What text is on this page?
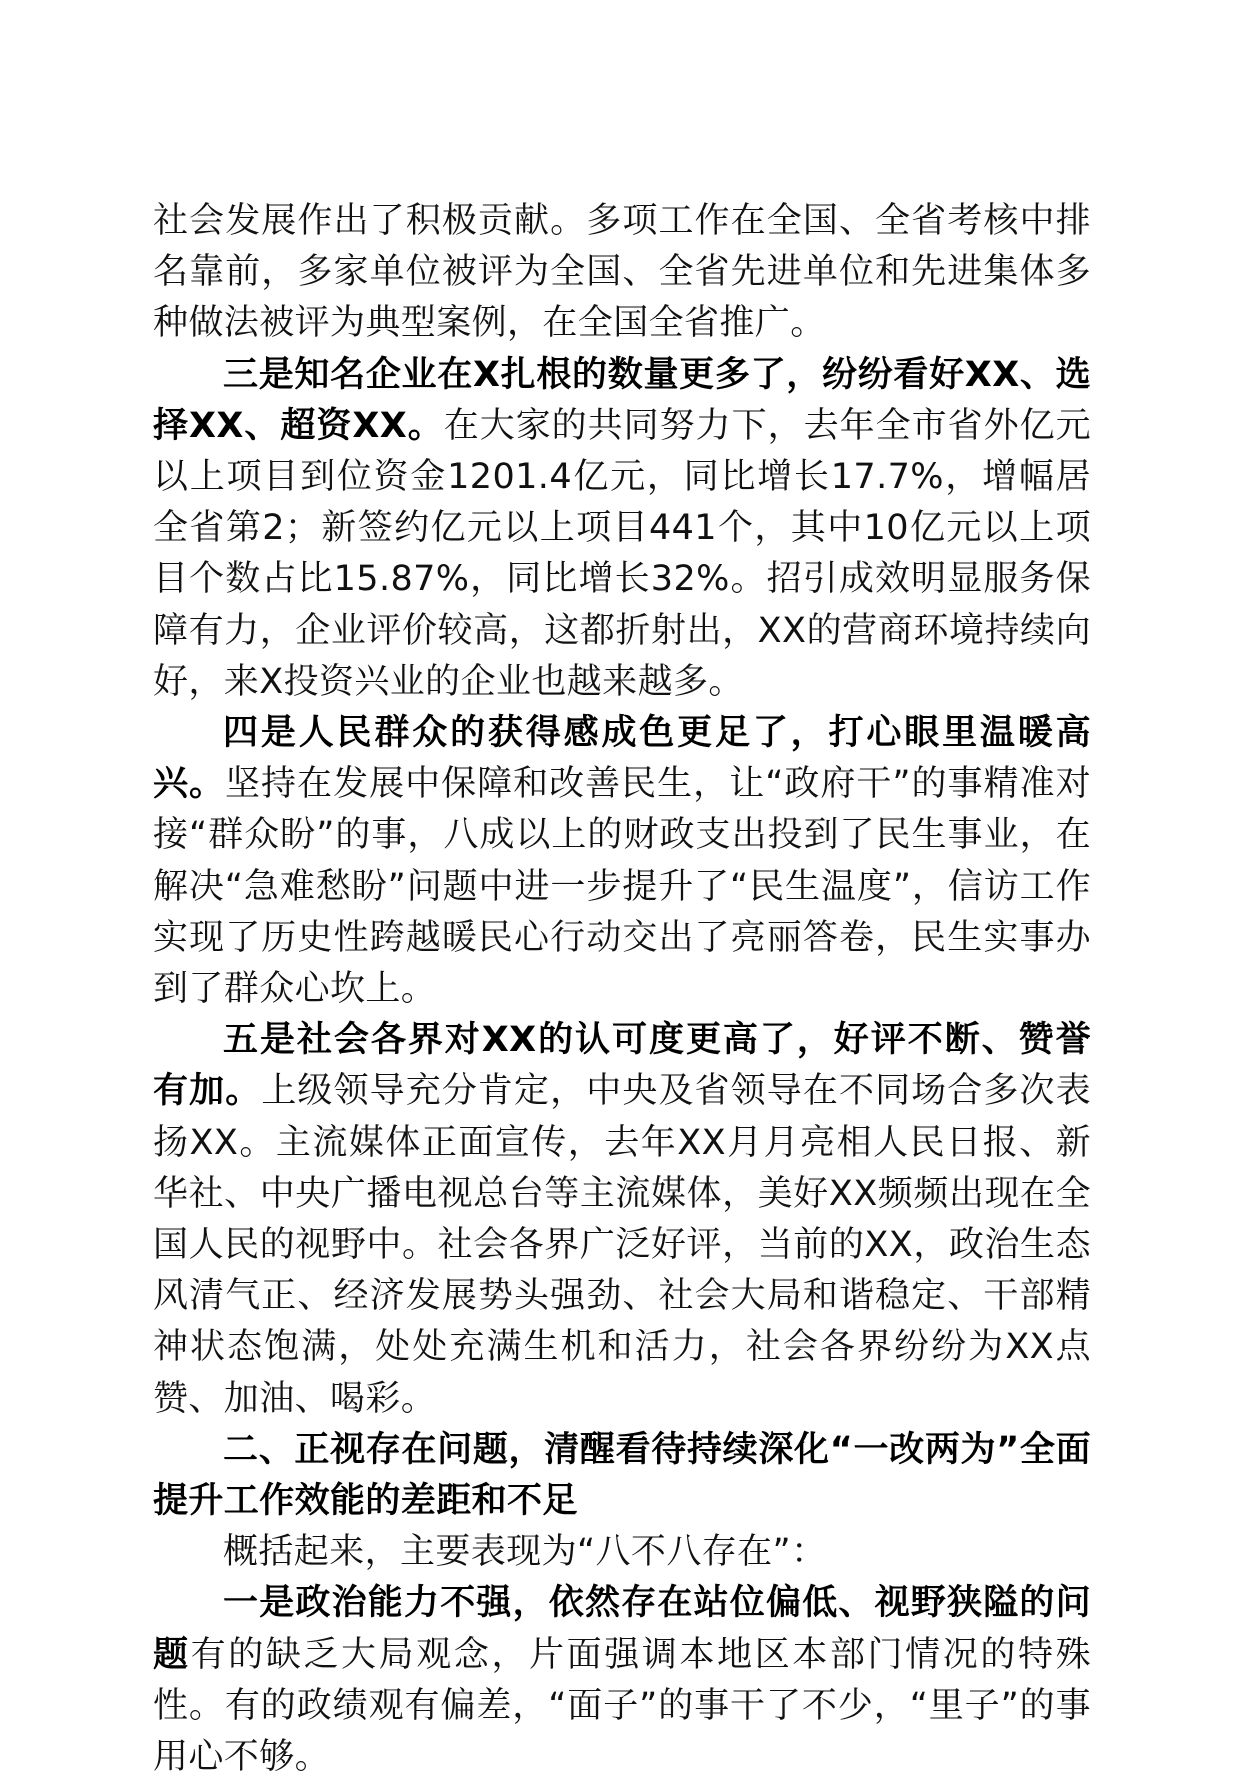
社会发展作出了积极贡献。多项工作在全国、全省考核中排名靠前，多家单位被评为全国、全省先进单位和先进集体多种做法被评为典型案例，在全国全省推广。

三是知名企业在X扎根的数量更多了，纷纷看好XX、选择XX、超资XX。在大家的共同努力下，去年全市省外亿元以上项目到位资金1201.4亿元，同比增长17.7%，增幅居全省第2；新签约亿元以上项目441个，其中10亿元以上项目个数占比15.87%，同比增长32%。招引成效明显服务保障有力，企业评价较高，这都折射出，XX的营商环境持续向好，来X投资兴业的企业也越来越多。

四是人民群众的获得感成色更足了，打心眼里温暖高兴。坚持在发展中保障和改善民生，让“政府干”的事精准对接“群众盼”的事，八成以上的财政支出投到了民生事业，在解决“急难愁盼”问题中进一步提升了“民生温度”，信访工作实现了历史性跨越暖民心行动交出了亮丽答卷，民生实事办到了群众心坎上。

五是社会各界对XX的认可度更高了，好评不断、赞誉有加。上级领导充分肯定，中央及省领导在不同场合多次表扬XX。主流媒体正面宣传，去年XX月月亮相人民日报、新华社、中央广播电视总台等主流媒体，美好XX频频出现在全国人民的视野中。社会各界广泛好评，当前的XX，政治生态风清气正、经济发展势头强劲、社会大局和谐稳定、干部精神状态饱满，处处充满生机和活力，社会各界纷纷为XX点赞、加油、喝彩。

二、正视存在问题，清醒看待持续深化“一改两为”全面提升工作效能的差距和不足

概括起来，主要表现为“八不八存在”：

一是政治能力不强，依然存在站位偏低、视野狭隘的问题有的缺乏大局观念，片面强调本地区本部门情况的特殊性。有的政绩观有偏差，“面子”的事干了不少，“里子”的事用心不够。
